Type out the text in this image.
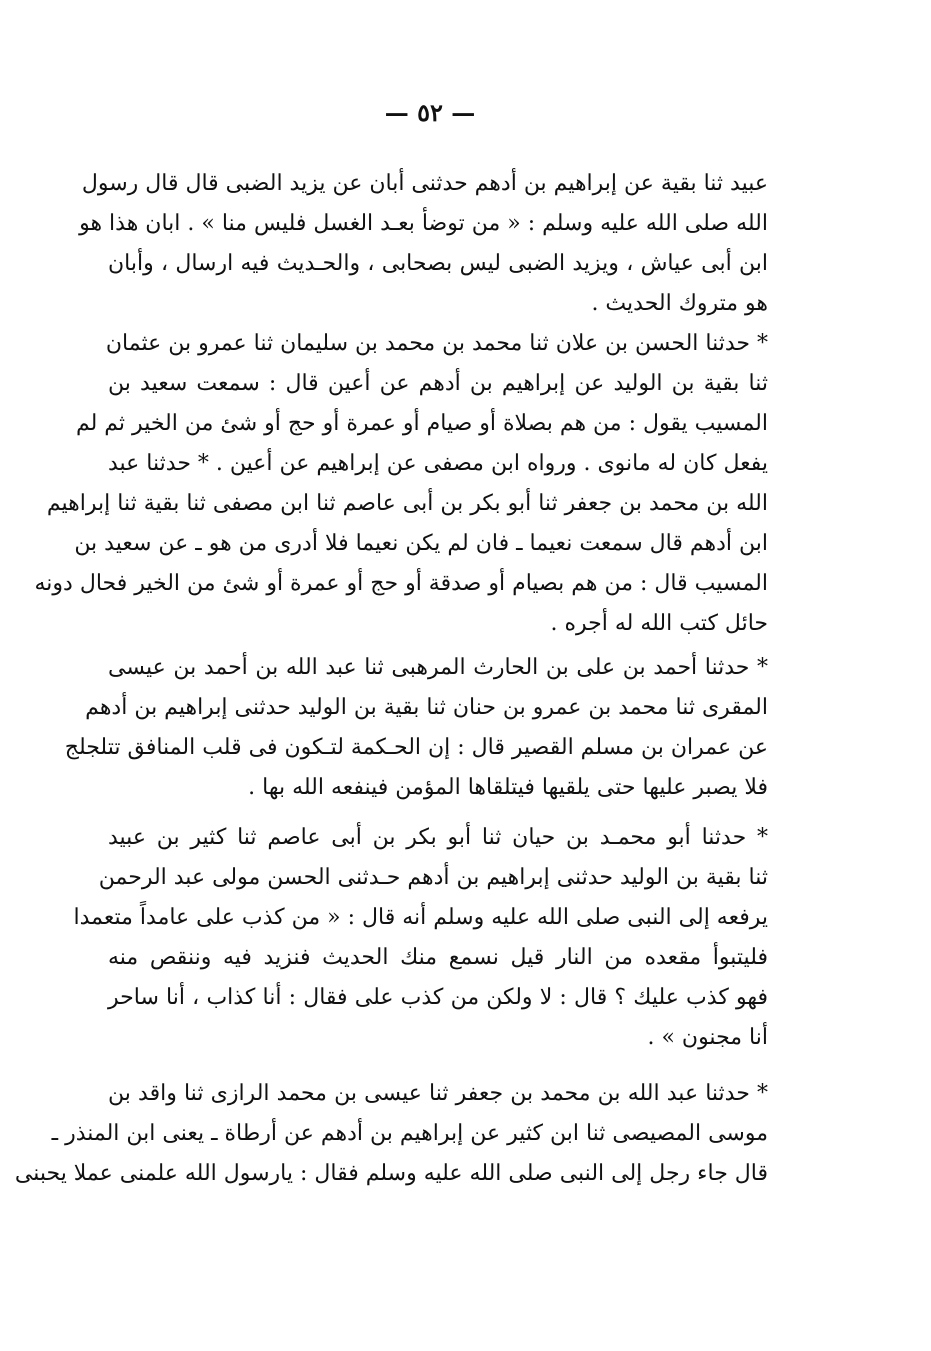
— ٥٢ —
عبيد ثنا بقية عن إبراهيم بن أدهم حدثنى أبان عن يزيد الضبى قال قال رسول
الله صلى الله عليه وسلم : « من توضأ بعـد الغسل فليس منا » . ابان هذا هو
ابن أبى عياش ، ويزيد الضبى ليس بصحابى ، والحـديث فيه ارسال ، وأبان
هو متروك الحديث .
* حدثنا الحسن بن علان ثنا محمد بن محمد بن سليمان ثنا عمرو بن عثمان
ثنا بقية بن الوليد عن إبراهيم بن أدهم عن أعين قال : سمعت سعيد بن
المسيب يقول : من هم بصلاة أو صيام أو عمرة أو حج أو شئ من الخير ثم لم
يفعل كان له مانوى . ورواه ابن مصفى عن إبراهيم عن أعين . * حدثنا عبد
الله بن محمد بن جعفر ثنا أبو بكر بن أبى عاصم ثنا ابن مصفى ثنا بقية ثنا إبراهيم
ابن أدهم قال سمعت نعيما ـ فان لم يكن نعيما فلا أدرى من هو ـ عن سعيد بن
المسيب قال : من هم بصيام أو صدقة أو حج أو عمرة أو شئ من الخير فحال دونه
حائل كتب الله له أجره .
* حدثنا أحمد بن على بن الحارث المرهبى ثنا عبد الله بن أحمد بن عيسى
المقرى ثنا محمد بن عمرو بن حنان ثنا بقية بن الوليد حدثنى إبراهيم بن أدهم
عن عمران بن مسلم القصير قال : إن الحـكمة لتـكون فى قلب المنافق تتلجلج
فلا يصبر عليها حتى يلقيها فيتلقاها المؤمن فينفعه الله بها .
* حدثنا أبو محمـد بن حيان ثنا أبو بكر بن أبى عاصم ثنا كثير بن عبيد
ثنا بقية بن الوليد حدثنى إبراهيم بن أدهم حـدثنى الحسن مولى عبد الرحمن
يرفعه إلى النبى صلى الله عليه وسلم أنه قال : « من كذب على عامداً متعمدا
فليتبوأ مقعده من النار قيل نسمع منك الحديث فنزيد فيه وننقص منه
فهو كذب عليك ؟ قال : لا ولكن من كذب على فقال : أنا كذاب ، أنا ساحر
أنا مجنون » .
* حدثنا عبد الله بن محمد بن جعفر ثنا عيسى بن محمد الرازى ثنا واقد بن
موسى المصيصى ثنا ابن كثير عن إبراهيم بن أدهم عن أرطاة ـ يعنى ابن المنذر ـ
قال جاء رجل إلى النبى صلى الله عليه وسلم فقال : يارسول الله علمنى عملا يحبنى
